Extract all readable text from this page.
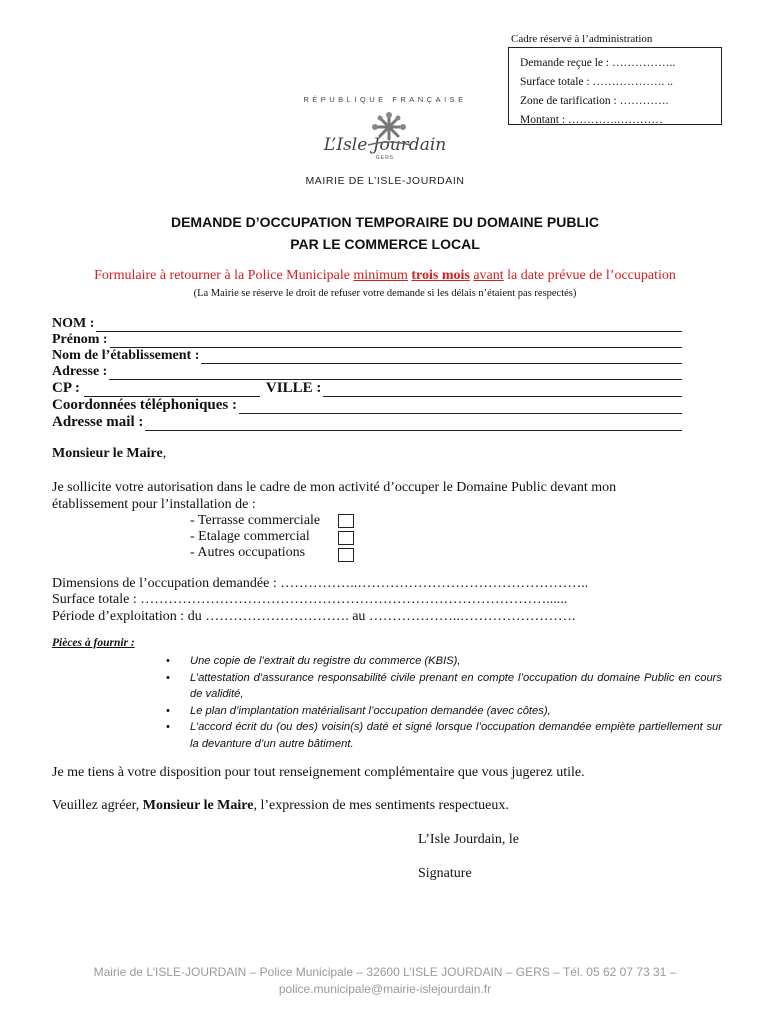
Cadre réservé à l’administration
Demande reçue le : ……………..
Surface totale : ………………. ..
Zone de tarification : ………….
Montant : ………….…………
RÉPUBLIQUE FRANÇAISE
L’Isle Jourdain
GERS
MAIRIE DE L’ISLE-JOURDAIN
DEMANDE D’OCCUPATION TEMPORAIRE DU DOMAINE PUBLIC
PAR LE COMMERCE LOCAL
Formulaire à retourner à la Police Municipale minimum trois mois avant la date prévue de l’occupation
(La Mairie se réserve le droit de refuser votre demande si les délais n’étaient pas respectés)
NOM :
Prénom :
Nom de l’établissement :
Adresse :
CP :	VILLE :
Coordonnées téléphoniques :
Adresse mail :
Monsieur le Maire,
Je sollicite votre autorisation dans le cadre de mon activité d’occuper le Domaine Public devant mon établissement pour l’installation de :
- Terrasse commerciale
- Etalage commercial
- Autres occupations
Dimensions de l’occupation demandée : ……………..…………………………………………..
Surface totale : ……………………………………………………………………………......
Période d’exploitation : du …………………………. au ………………..…………………….
Pièces à fournir :
• Une copie de l’extrait du registre du commerce (KBIS),
• L’attestation d’assurance responsabilité civile prenant en compte l’occupation du domaine Public en cours de validité,
• Le plan d’implantation matérialisant l’occupation demandée (avec côtes),
• L’accord écrit du (ou des) voisin(s) daté et signé lorsque l’occupation demandée empiète partiellement sur la devanture d’un autre bâtiment.
Je me tiens à votre disposition pour tout renseignement complémentaire que vous jugerez utile.
Veuillez agréer, Monsieur le Maire, l’expression de mes sentiments respectueux.
L’Isle Jourdain, le
Signature
Mairie de L’ISLE-JOURDAIN – Police Municipale – 32600 L’ISLE JOURDAIN – GERS – Tél. 05 62 07 73 31 –
police.municipale@mairie-islejourdain.fr
